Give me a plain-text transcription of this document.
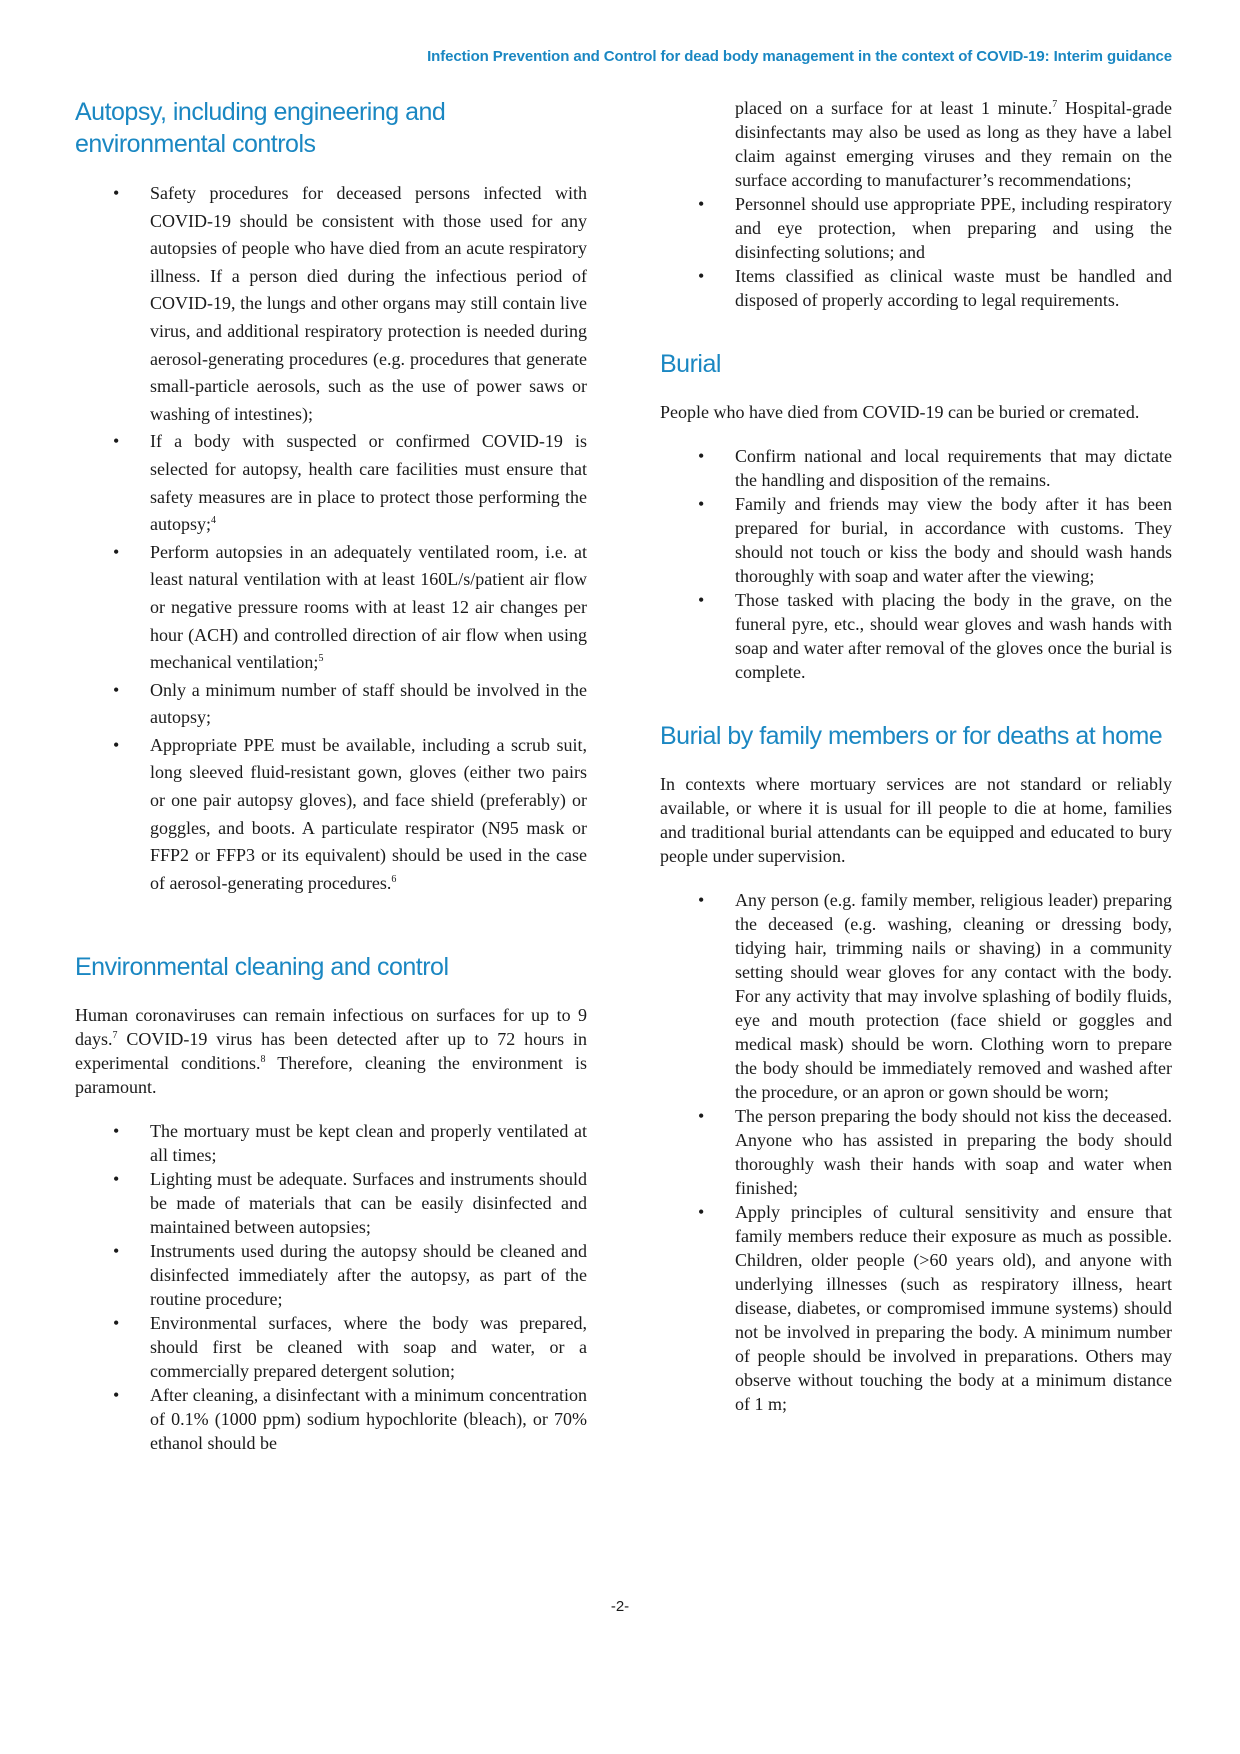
Infection Prevention and Control for dead body management in the context of COVID-19: Interim guidance
Autopsy, including engineering and environmental controls
• Safety procedures for deceased persons infected with COVID-19 should be consistent with those used for any autopsies of people who have died from an acute respiratory illness. If a person died during the infectious period of COVID-19, the lungs and other organs may still contain live virus, and additional respiratory protection is needed during aerosol-generating procedures (e.g. procedures that generate small-particle aerosols, such as the use of power saws or washing of intestines);
• If a body with suspected or confirmed COVID-19 is selected for autopsy, health care facilities must ensure that safety measures are in place to protect those performing the autopsy;$^4$
• Perform autopsies in an adequately ventilated room, i.e. at least natural ventilation with at least 160L/s/patient air flow or negative pressure rooms with at least 12 air changes per hour (ACH) and controlled direction of air flow when using mechanical ventilation;$^5$
• Only a minimum number of staff should be involved in the autopsy;
• Appropriate PPE must be available, including a scrub suit, long sleeved fluid-resistant gown, gloves (either two pairs or one pair autopsy gloves), and face shield (preferably) or goggles, and boots. A particulate respirator (N95 mask or FFP2 or FFP3 or its equivalent) should be used in the case of aerosol-generating procedures.$^6$
Environmental cleaning and control

Human coronaviruses can remain infectious on surfaces for up to 9 days.$^7$ COVID-19 virus has been detected after up to 72 hours in experimental conditions.$^8$ Therefore, cleaning the environment is paramount.

• The mortuary must be kept clean and properly ventilated at all times;
• Lighting must be adequate. Surfaces and instruments should be made of materials that can be easily disinfected and maintained between autopsies;
• Instruments used during the autopsy should be cleaned and disinfected immediately after the autopsy, as part of the routine procedure;
• Environmental surfaces, where the body was prepared, should first be cleaned with soap and water, or a commercially prepared detergent solution;
• After cleaning, a disinfectant with a minimum concentration of 0.1% (1000 ppm) sodium hypochlorite (bleach), or 70% ethanol should be
placed on a surface for at least 1 minute.$^7$ Hospital-grade disinfectants may also be used as long as they have a label claim against emerging viruses and they remain on the surface according to manufacturer’s recommendations;
• Personnel should use appropriate PPE, including respiratory and eye protection, when preparing and using the disinfecting solutions; and
• Items classified as clinical waste must be handled and disposed of properly according to legal requirements.
Burial

People who have died from COVID-19 can be buried or cremated.

• Confirm national and local requirements that may dictate the handling and disposition of the remains.
• Family and friends may view the body after it has been prepared for burial, in accordance with customs. They should not touch or kiss the body and should wash hands thoroughly with soap and water after the viewing;
• Those tasked with placing the body in the grave, on the funeral pyre, etc., should wear gloves and wash hands with soap and water after removal of the gloves once the burial is complete.
Burial by family members or for deaths at home

In contexts where mortuary services are not standard or reliably available, or where it is usual for ill people to die at home, families and traditional burial attendants can be equipped and educated to bury people under supervision.

• Any person (e.g. family member, religious leader) preparing the deceased (e.g. washing, cleaning or dressing body, tidying hair, trimming nails or shaving) in a community setting should wear gloves for any contact with the body. For any activity that may involve splashing of bodily fluids, eye and mouth protection (face shield or goggles and medical mask) should be worn. Clothing worn to prepare the body should be immediately removed and washed after the procedure, or an apron or gown should be worn;
• The person preparing the body should not kiss the deceased. Anyone who has assisted in preparing the body should thoroughly wash their hands with soap and water when finished;
• Apply principles of cultural sensitivity and ensure that family members reduce their exposure as much as possible. Children, older people (>60 years old), and anyone with underlying illnesses (such as respiratory illness, heart disease, diabetes, or compromised immune systems) should not be involved in preparing the body. A minimum number of people should be involved in preparations. Others may observe without touching the body at a minimum distance of 1 m;
-2-
